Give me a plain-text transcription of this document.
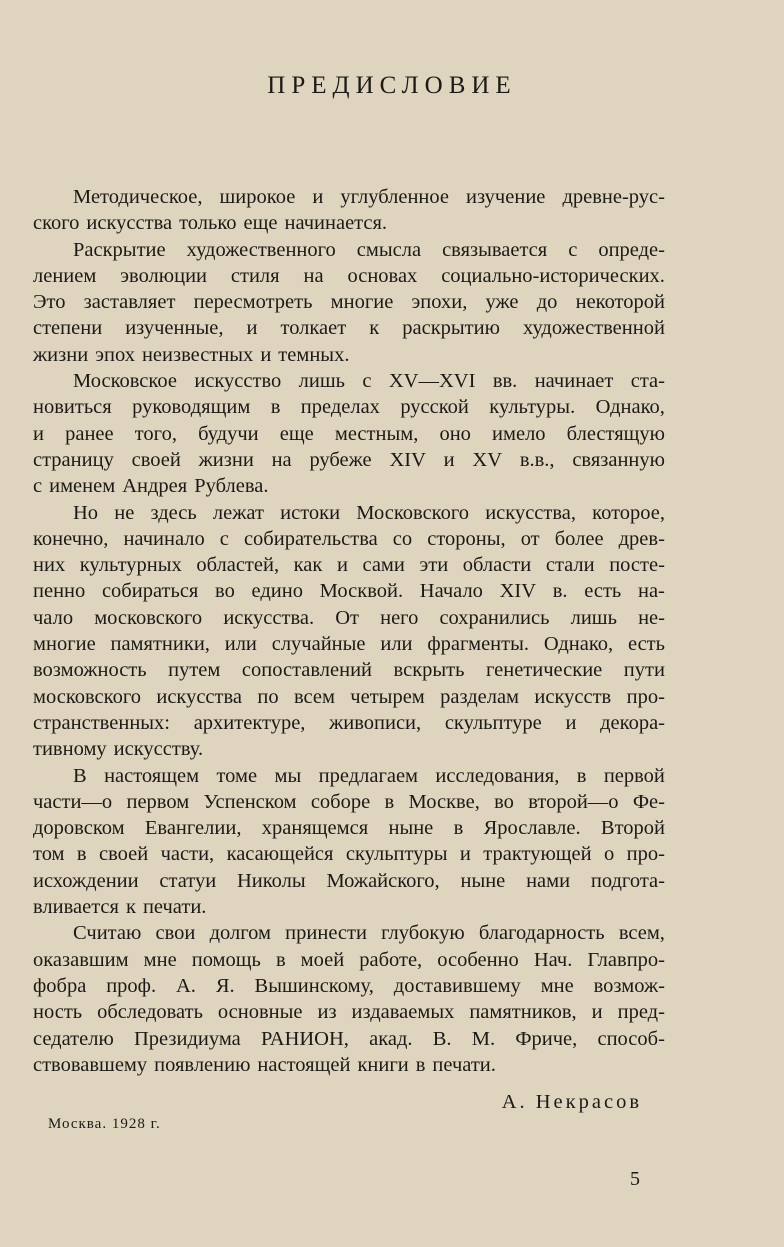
ПРЕДИСЛОВИЕ
Методическое, широкое и углубленное изучение древне-рус-
ского искусства только еще начинается.
Раскрытие художественного смысла связывается с опреде-
лением эволюции стиля на основах социально-исторических.
Это заставляет пересмотреть многие эпохи, уже до некоторой
степени изученные, и толкает к раскрытию художественной
жизни эпох неизвестных и темных.
Московское искусство лишь с XV—XVI вв. начинает ста-
новиться руководящим в пределах русской культуры. Однако,
и ранее того, будучи еще местным, оно имело блестящую
страницу своей жизни на рубеже XIV и XV в.в., связанную
с именем Андрея Рублева.
Но не здесь лежат истоки Московского искусства, которое,
конечно, начинало с собирательства со стороны, от более древ-
них культурных областей, как и сами эти области стали посте-
пенно собираться во едино Москвой. Начало XIV в. есть на-
чало московского искусства. От него сохранились лишь не-
многие памятники, или случайные или фрагменты. Однако, есть
возможность путем сопоставлений вскрыть генетические пути
московского искусства по всем четырем разделам искусств про-
странственных: архитектуре, живописи, скульптуре и декора-
тивному искусству.
В настоящем томе мы предлагаем исследования, в первой
части—о первом Успенском соборе в Москве, во второй—о Фе-
доровском Евангелии, хранящемся ныне в Ярославле. Второй
том в своей части, касающейся скульптуры и трактующей о про-
исхождении статуи Николы Можайского, ныне нами подгота-
вливается к печати.
Считаю свои долгом принести глубокую благодарность всем,
оказавшим мне помощь в моей работе, особенно Нач. Главпро-
фобра проф. А. Я. Вышинскому, доставившему мне возмож-
ность обследовать основные из издаваемых памятников, и пред-
седателю Президиума РАНИОН, акад. В. М. Фриче, способ-
ствовавшему появлению настоящей книги в печати.
А. Некрасов
Москва. 1928 г.
5
